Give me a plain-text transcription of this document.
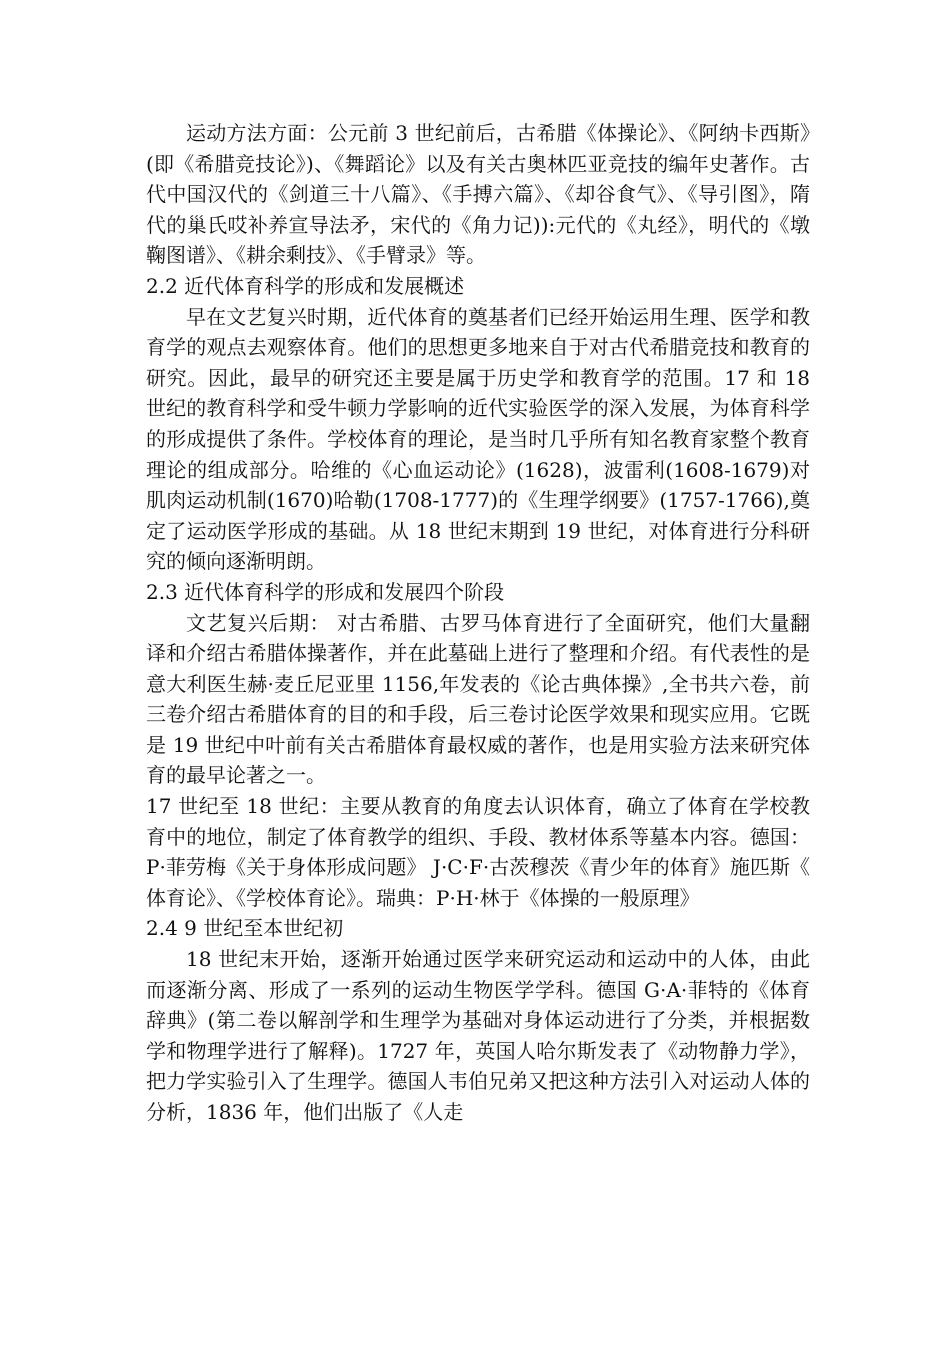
运动方法方面：公元前 3 世纪前后，古希腊《体操论》、《阿纳卡西斯》(即《希腊竞技论》)、《舞蹈论》以及有关古奥林匹亚竞技的编年史著作。古代中国汉代的《剑道三十八篇》、《手搏六篇》、《却谷食气》、《导引图》，隋代的巢氏哎补养宣导法矛，宋代的《角力记)):元代的《丸经》，明代的《墩鞠图谱》、《耕余剩技》、《手臂录》等。

2.2 近代体育科学的形成和发展概述

早在文艺复兴时期，近代体育的奠基者们已经开始运用生理、医学和教育学的观点去观察体育。他们的思想更多地来自于对古代希腊竞技和教育的研究。因此，最早的研究还主要是属于历史学和教育学的范围。17 和 18 世纪的教育科学和受牛顿力学影响的近代实验医学的深入发展，为体育科学的形成提供了条件。学校体育的理论，是当时几乎所有知名教育家整个教育理论的组成部分。哈维的《心血运动论》(1628)，波雷利(1608-1679)对肌肉运动机制(1670)哈勒(1708-1777)的《生理学纲要》(1757-1766),奠定了运动医学形成的基础。从 18 世纪末期到 19 世纪，对体育进行分科研究的倾向逐渐明朗。

2.3 近代体育科学的形成和发展四个阶段

文艺复兴后期： 对古希腊、古罗马体育进行了全面研究，他们大量翻译和介绍古希腊体操著作，并在此墓础上进行了整理和介绍。有代表性的是意大利医生赫·麦丘尼亚里 1156,年发表的《论古典体操》,全书共六卷，前三卷介绍古希腊体育的目的和手段，后三卷讨论医学效果和现实应用。它既是 19 世纪中叶前有关古希腊体育最权威的著作，也是用实验方法来研究体育的最早论著之一。

17 世纪至 18 世纪：主要从教育的角度去认识体育，确立了体育在学校教育中的地位，制定了体育教学的组织、手段、教材体系等墓本内容。德国： P·菲劳梅《关于身体形成问题》 J·C·F·古茨穆茨《青少年的体育》施匹斯《体育论》、《学校体育论》。瑞典：P·H·林于《体操的一般原理》

2.4 9 世纪至本世纪初

18 世纪末开始，逐渐开始通过医学来研究运动和运动中的人体，由此而逐渐分离、形成了一系列的运动生物医学学科。德国 G·A·菲特的《体育辞典》(第二卷以解剖学和生理学为基础对身体运动进行了分类，并根据数学和物理学进行了解释)。1727 年，英国人哈尔斯发表了《动物静力学》，把力学实验引入了生理学。德国人韦伯兄弟又把这种方法引入对运动人体的分析，1836 年，他们出版了《人走
